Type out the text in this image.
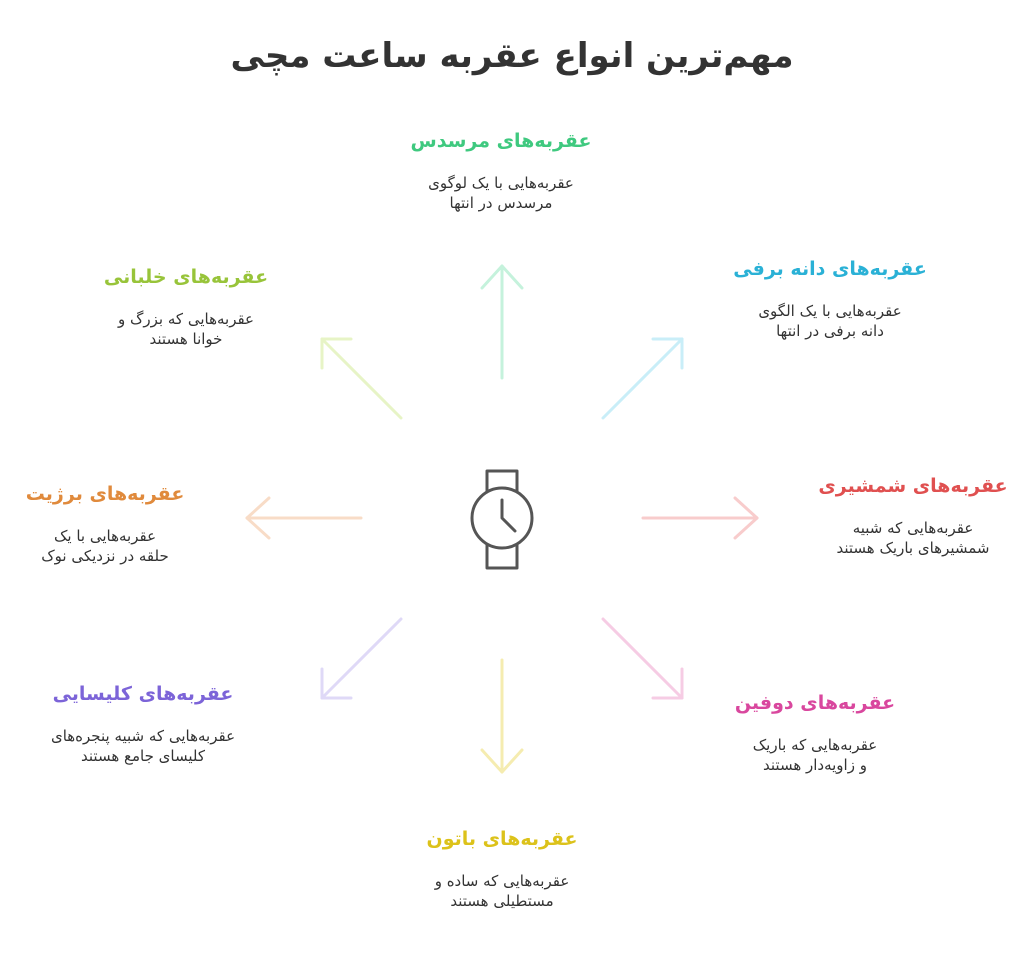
مهم‌ترین انواع عقربه ساعت مچی
عقربه‌های مرسدس
عقربه‌هایی با یک لوگوی
مرسدس در انتها
عقربه‌های دانه برفی
عقربه‌هایی با یک الگوی
دانه برفی در انتها
عقربه‌های شمشیری
عقربه‌هایی که شبیه
شمشیرهای باریک هستند
عقربه‌های دوفین
عقربه‌هایی که باریک
و زاویه‌دار هستند
عقربه‌های باتون
عقربه‌هایی که ساده و
مستطیلی هستند
عقربه‌های کلیسایی
عقربه‌هایی که شبیه پنجره‌های
کلیسای جامع هستند
عقربه‌های برژیت
عقربه‌هایی با یک
حلقه در نزدیکی نوک
عقربه‌های خلبانی
عقربه‌هایی که بزرگ و
خوانا هستند
